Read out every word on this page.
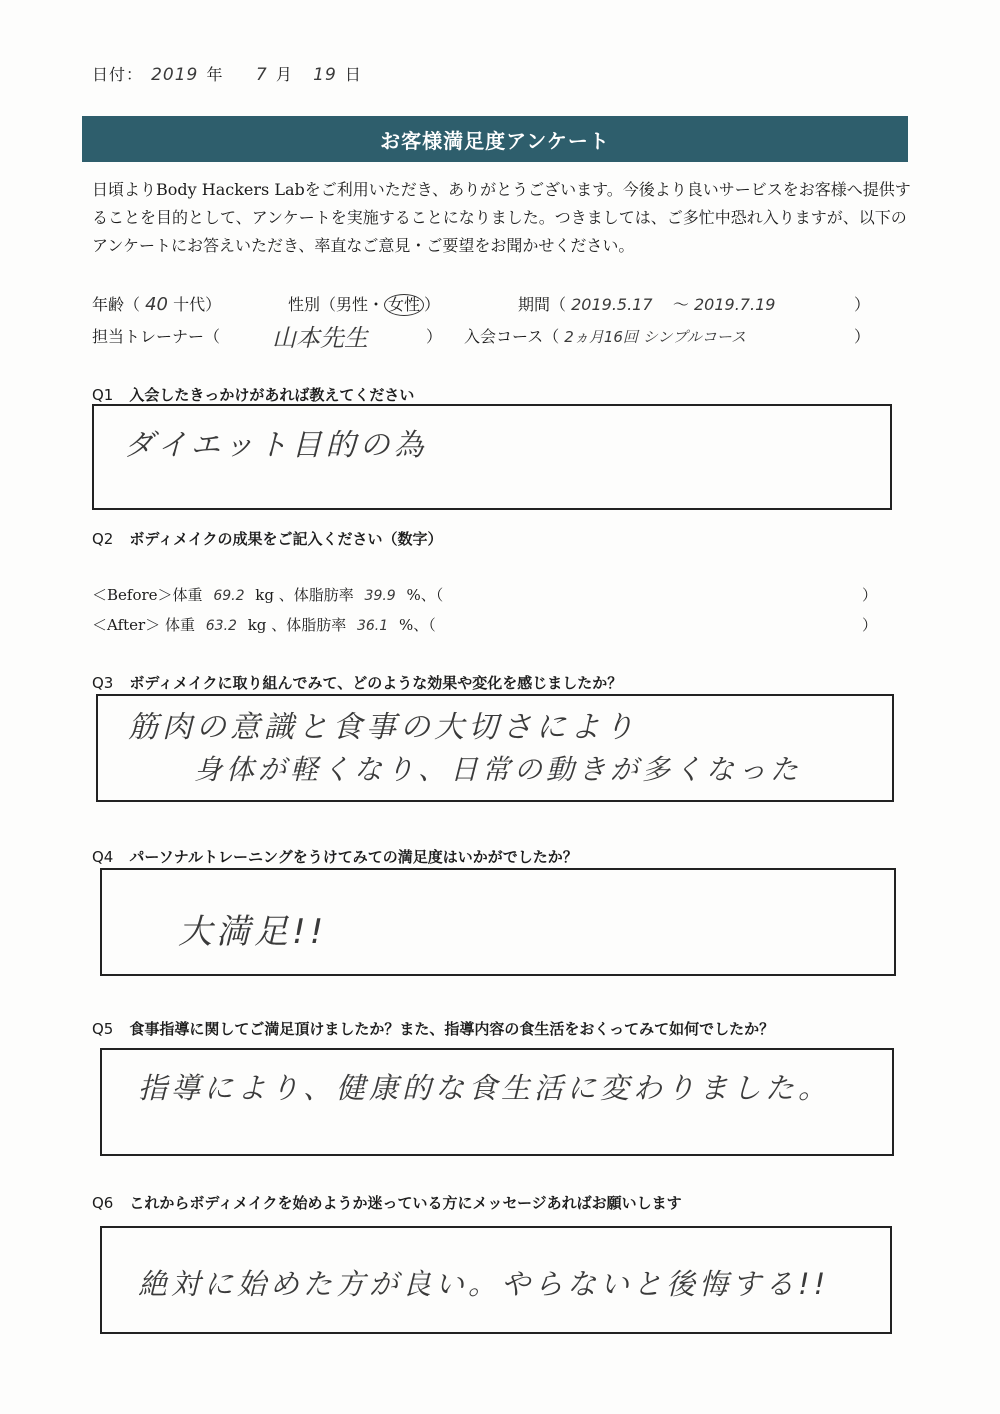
日付： 2019 年 7 月 19 日
お客様満足度アンケート
日頃よりBody Hackers Labをご利用いただき、ありがとうございます。今後より良いサービスをお客様へ提供することを目的として、アンケートを実施することになりました。つきましては、ご多忙中恐れ入りますが、以下のアンケートにお答えいただき、率直なご意見・ご要望をお聞かせください。
年齢（ 40 十代）	性別（男性・ 女性 ）	期間（ 2019.5.17 ～ 2019.7.19	）
担当トレーナー（ 山本先生	） 入会コース（ 2ヵ月16回 シンプルコース	）
Q1 入会したきっかけがあれば教えてください
ダイエット目的の為
Q2 ボディメイクの成果をご記入ください（数字）
＜Before＞体重 69.2 kg 、体脂肪率 39.9 %、（	）
＜After＞ 体重 63.2 kg 、体脂肪率 36.1 %、（	）
Q3 ボディメイクに取り組んでみて、どのような効果や変化を感じましたか？
筋肉の意識と食事の大切さにより
身体が軽くなり、日常の動きが多くなった
Q4 パーソナルトレーニングをうけてみての満足度はいかがでしたか？
大満足!!
Q5 食事指導に関してご満足頂けましたか？また、指導内容の食生活をおくってみて如何でしたか？
指導により、健康的な食生活に変わりました。
Q6 これからボディメイクを始めようか迷っている方にメッセージあればお願いします
絶対に始めた方が良い。やらないと後悔する!!
